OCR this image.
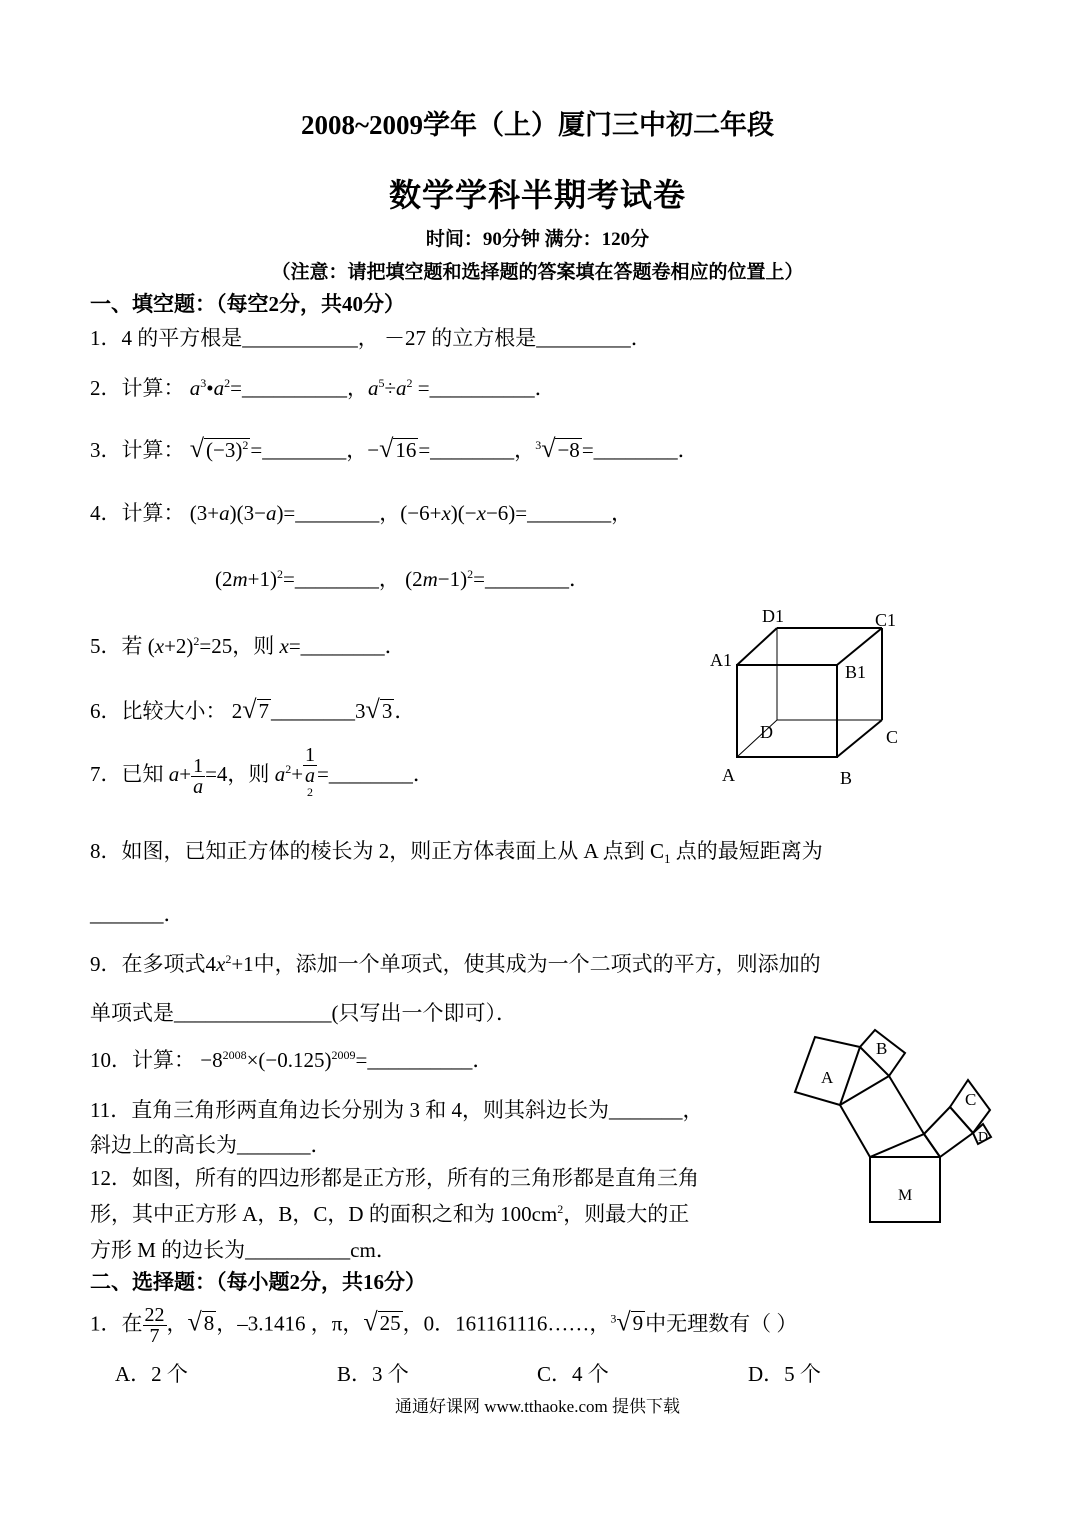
2008~2009学年（上）厦门三中初二年段
数学学科半期考试卷
时间：90分钟 满分：120分
（注意：请把填空题和选择题的答案填在答题卷相应的位置上）
一、填空题：（每空2分，共40分）
1．4 的平方根是___________， －27 的立方根是_________．
2．计算： $a^3•a^2=\_\_\_\_\_\_\_\_\_\_$，$a^5\div a^2$ =__________．
3．计算： $√(-3)^2=\_\_\_\_\_\_\_\_$，−√16=________，$^3$√−8=________．
4．计算： (3+a)(3−a)=________，(−6+x)(−x−6)=________，
$(2m+1)^2=\_\_\_\_\_\_\_\_$， $(2m-1)^2=\_\_\_\_\_\_\_\_$．
5．若 $(x+2)^2=25$，则 x=________．
6．比较大小： 2√7________3√3．
7．已知 $a+ \frac{1}{a} =4$，则 $a^2+ 1$
a
$^2$ =________．
8．如图，已知正方体的棱长为 2，则正方体表面上从 A 点到 $C_1$ 点的最短距离为
_______．
9．在多项式$4x^2+1$中，添加一个单项式，使其成为一个二项式的平方，则添加的
单项式是_______________(只写出一个即可）．
10．计算： $-8^{2008}\times(-0.125)^{2009}=\_\_\_\_\_\_\_\_\_\_$．
11．直角三角形两直角边长分别为 3 和 4，则其斜边长为_______，
斜边上的高长为_______．
12．如图，所有的四边形都是正方形，所有的三角形都是直角三角
形，其中正方形 A，B，C，D 的面积之和为 $100cm^2$，则最大的正
方形 M 的边长为__________cm．
二、选择题：（每小题2分，共16分）
1．在 $\frac{22}{7}$ ，√8，–3.1416 ，π，√25，0．161161116……，$^3$√9中无理数有（ ）
A．2 个	B．3 个	C．4 个	D．5 个
通通好课网 www.tthaoke.com 提供下载
D1	C1
A1
B1
D	C
A	B
A
B
C
D
M
